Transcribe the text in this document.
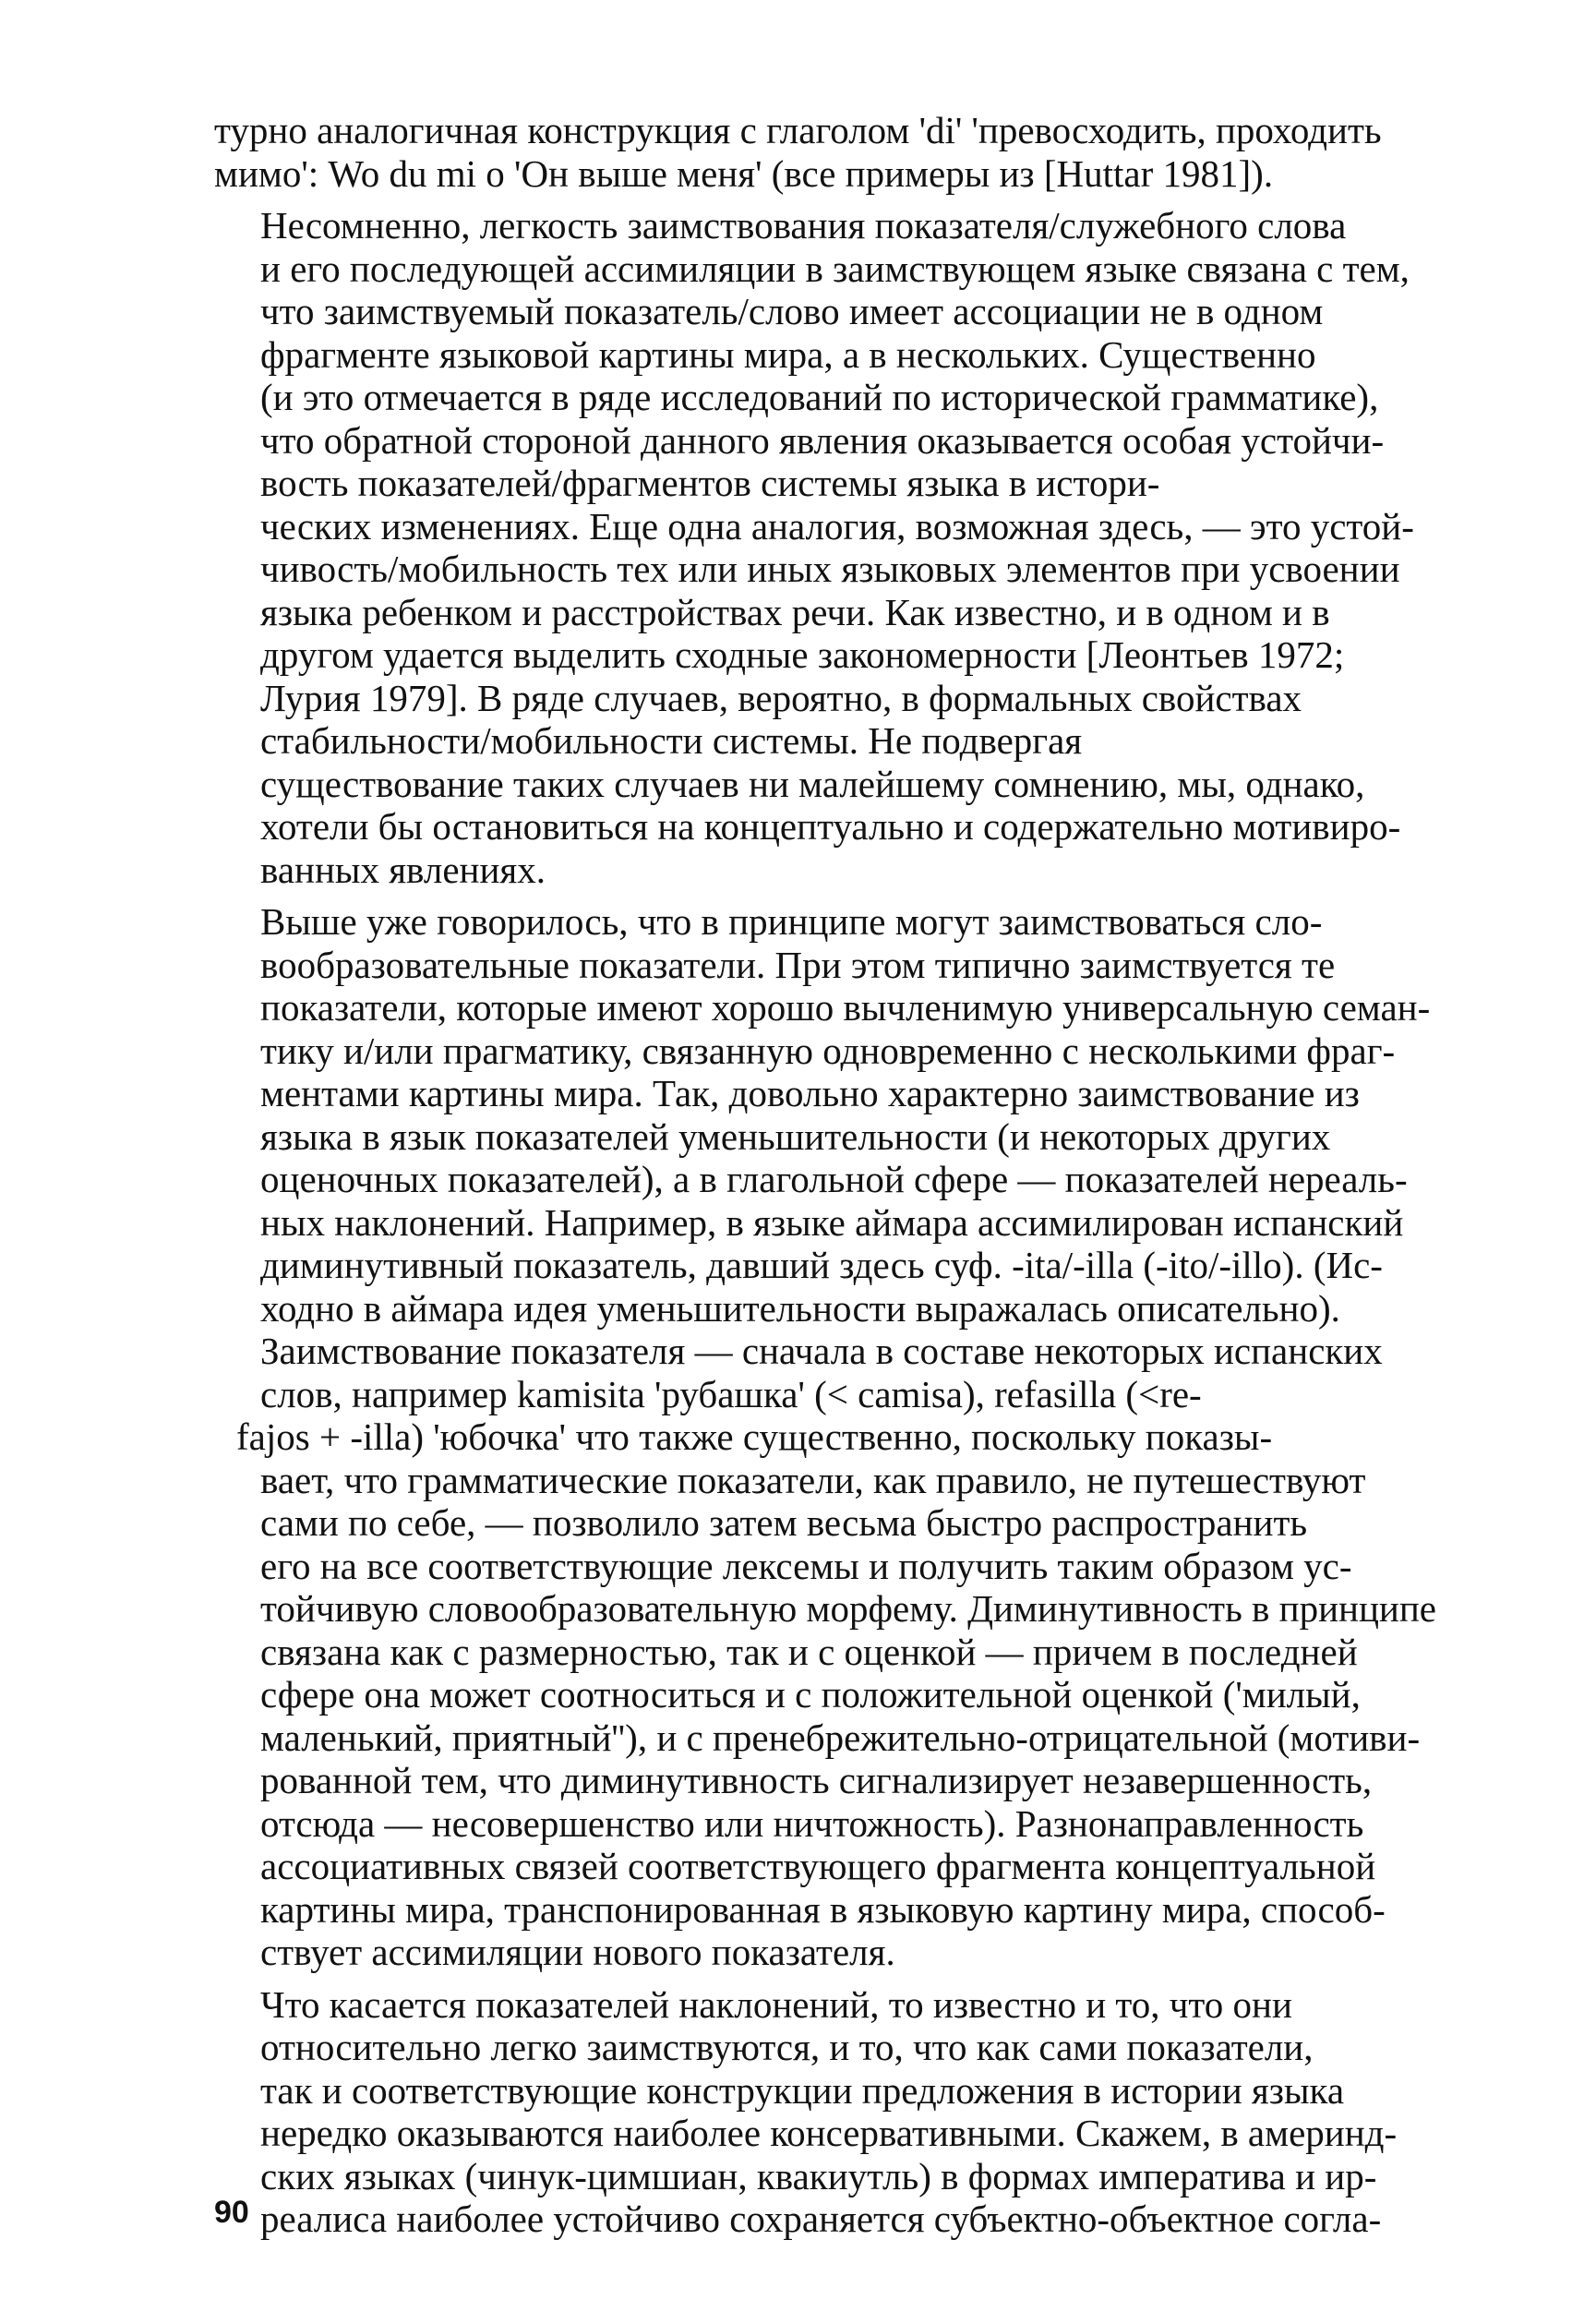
турно аналогичная конструкция с глаголом 'di' 'превосходить, проходить
мимо': Wo du mi o 'Он выше меня' (все примеры из [Huttar 1981]).

Несомненно, легкость заимствования показателя/служебного слова
и его последующей ассимиляции в заимствующем языке связана с тем,
что заимствуемый показатель/слово имеет ассоциации не в одном
фрагменте языковой картины мира, а в нескольких. Существенно
(и это отмечается в ряде исследований по исторической грамматике),
что обратной стороной данного явления оказывается особая устойчи-
вость показателей/фрагментов системы языка в истори-
ческих изменениях. Еще одна аналогия, возможная здесь, — это устой-
чивость/мобильность тех или иных языковых элементов при усвоении
языка ребенком и расстройствах речи. Как известно, и в одном и в
другом удается выделить сходные закономерности [Леонтьев 1972;
Лурия 1979]. В ряде случаев, вероятно, в формальных свойствах
стабильности/мобильности системы. Не подвергая
существование таких случаев ни малейшему сомнению, мы, однако,
хотели бы остановиться на концептуально и содержательно мотивиро-
ванных явлениях.

Выше уже говорилось, что в принципе могут заимствоваться сло-
вообразовательные показатели. При этом типично заимствуется те
показатели, которые имеют хорошо вычленимую универсальную семан-
тику и/или прагматику, связанную одновременно с несколькими фраг-
ментами картины мира. Так, довольно характерно заимствование из
языка в язык показателей уменьшительности (и некоторых других
оценочных показателей), а в глагольной сфере — показателей нереаль-
ных наклонений. Например, в языке аймара ассимилирован испанский
диминутивный показатель, давший здесь суф. -ita/-illa (-ito/-illo). (Ис-
ходно в аймара идея уменьшительности выражалась описательно).
Заимствование показателя — сначала в составе некоторых испанских
слов, например kamisita 'рубашка' (< camisa), refasilla (<re-
fajos + -illa) 'юбочка' что также существенно, поскольку показы-
вает, что грамматические показатели, как правило, не путешествуют
сами по себе, — позволило затем весьма быстро распространить
его на все соответствующие лексемы и получить таким образом ус-
тойчивую словообразовательную морфему. Диминутивность в принципе
связана как с размерностью, так и с оценкой — причем в последней
сфере она может соотноситься и с положительной оценкой ('милый,
маленький, приятный''), и с пренебрежительно-отрицательной (мотиви-
рованной тем, что диминутивность сигнализирует незавершенность,
отсюда — несовершенство или ничтожность). Разнонаправленность
ассоциативных связей соответствующего фрагмента концептуальной
картины мира, транспонированная в языковую картину мира, способ-
ствует ассимиляции нового показателя.

Что касается показателей наклонений, то известно и то, что они
относительно легко заимствуются, и то, что как сами показатели,
так и соответствующие конструкции предложения в истории языка
нередко оказываются наиболее консервативными. Скажем, в америнд-
ских языках (чинук-цимшиан, квакиутль) в формах императива и ир-
реалиса наиболее устойчиво сохраняется субъектно-объектное согла-

90
